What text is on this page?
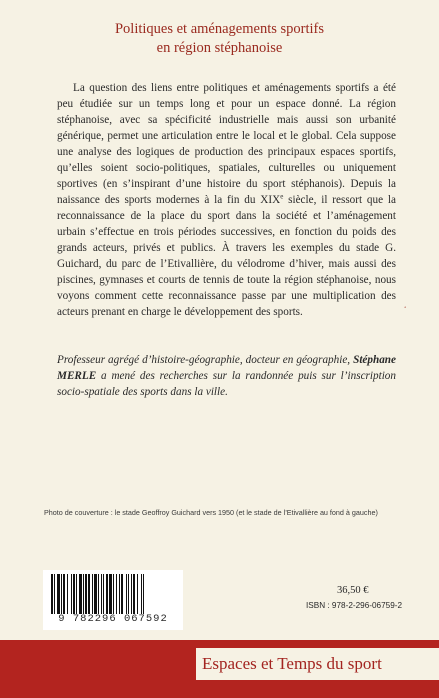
Politiques et aménagements sportifs
en région stéphanoise
La question des liens entre politiques et aménagements sportifs a été peu étudiée sur un temps long et pour un espace donné. La région stéphanoise, avec sa spécificité industrielle mais aussi son urbanité générique, permet une articulation entre le local et le global. Cela suppose une analyse des logiques de production des principaux espaces sportifs, qu’elles soient socio-politiques, spatiales, culturelles ou uniquement sportives (en s’inspirant d’une histoire du sport stéphanois). Depuis la naissance des sports modernes à la fin du XIXe siècle, il ressort que la reconnaissance de la place du sport dans la société et l’aménagement urbain s’effectue en trois périodes successives, en fonction du poids des grands acteurs, privés et publics. À travers les exemples du stade G. Guichard, du parc de l’Etivallière, du vélodrome d’hiver, mais aussi des piscines, gymnases et courts de tennis de toute la région stéphanoise, nous voyons comment cette reconnaissance passe par une multiplication des acteurs prenant en charge le développement des sports.	‘
Professeur agrégé d’histoire-géographie, docteur en géographie, Stéphane MERLE a mené des recherches sur la randonnée puis sur l’inscription socio-spatiale des sports dans la ville.
Photo de couverture : le stade Geoffroy Guichard vers 1950 (et le stade de l’Etivallière au fond à gauche)
9 782296 067592
36,50 €
ISBN : 978-2-296-06759-2
Espaces et Temps du sport
